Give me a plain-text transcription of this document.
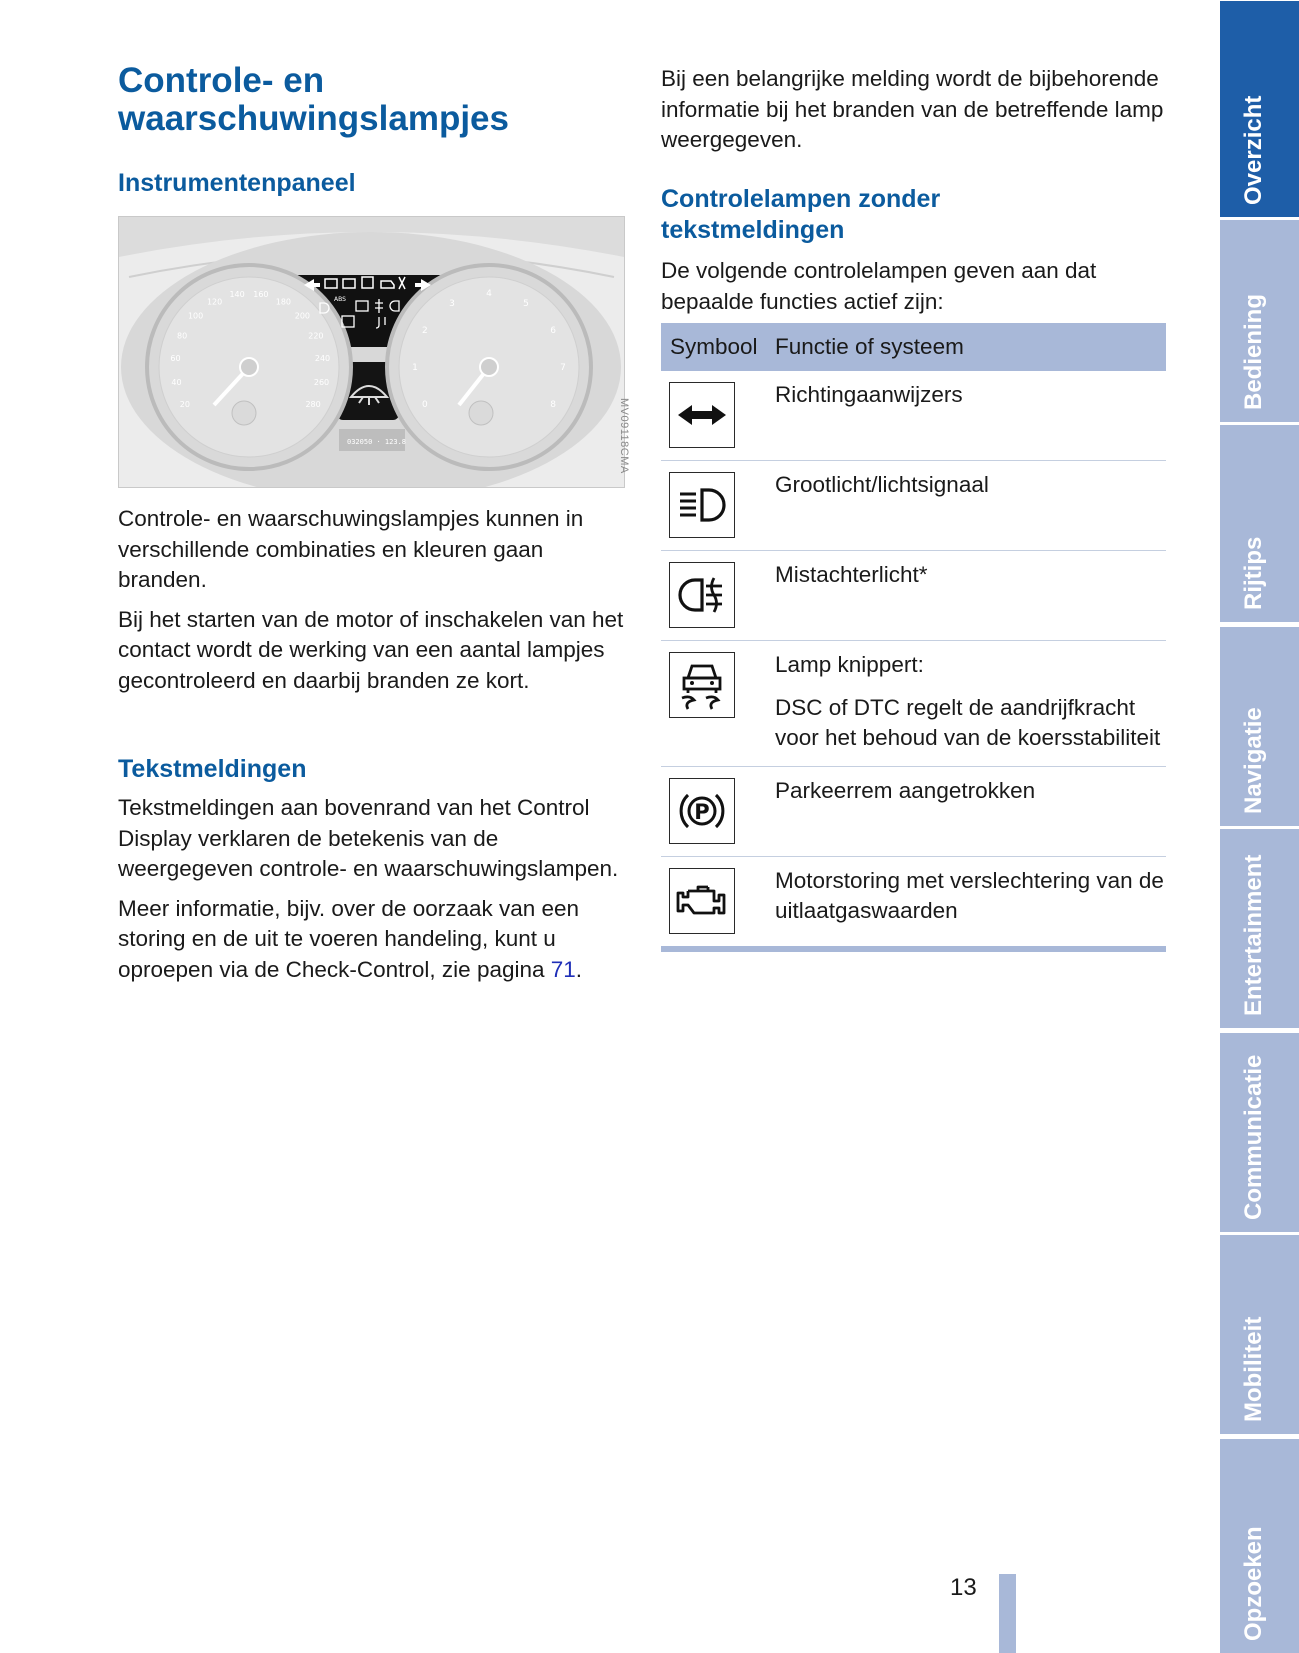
Controle- en waarschuwingslampjes
Instrumentenpaneel
ABS
032050 · 123.8
20
40
60
80
100
120
140 160
180
200
220
240
260
280	0
1
2
3
4
5
6
7
8	MV09118CMA

Controle- en waarschuwingslampjes kunnen in verschillende combinaties en kleuren gaan branden.

Bij het starten van de motor of inschakelen van het contact wordt de werking van een aantal lampjes gecontroleerd en daarbij branden ze kort.

Tekstmeldingen

Tekstmeldingen aan bovenrand van het Control Display verklaren de betekenis van de weergegeven controle- en waarschuwingslampen.

Meer informatie, bijv. over de oorzaak van een storing en de uit te voeren handeling, kunt u oproepen via de Check-Control, zie pagina 71.

Bij een belangrijke melding wordt de bijbehorende informatie bij het branden van de betreffende lamp weergegeven.

Controlelampen zonder tekstmeldingen

De volgende controlelampen geven aan dat bepaalde functies actief zijn:

Symbool Functie of systeem

Richtingaanwijzers

Grootlicht/lichtsignaal

Mistachterlicht*

Lamp knippert:

DSC of DTC regelt de aandrijfkracht voor het behoud van de koersstabiliteit

P

Parkeerrem aangetrokken

Motorstoring met verslechtering van de uitlaatgaswaarden

Overzicht
Bediening
Rijtips
Navigatie
Entertainment
Communicatie
Mobiliteit
Opzoeken
13
